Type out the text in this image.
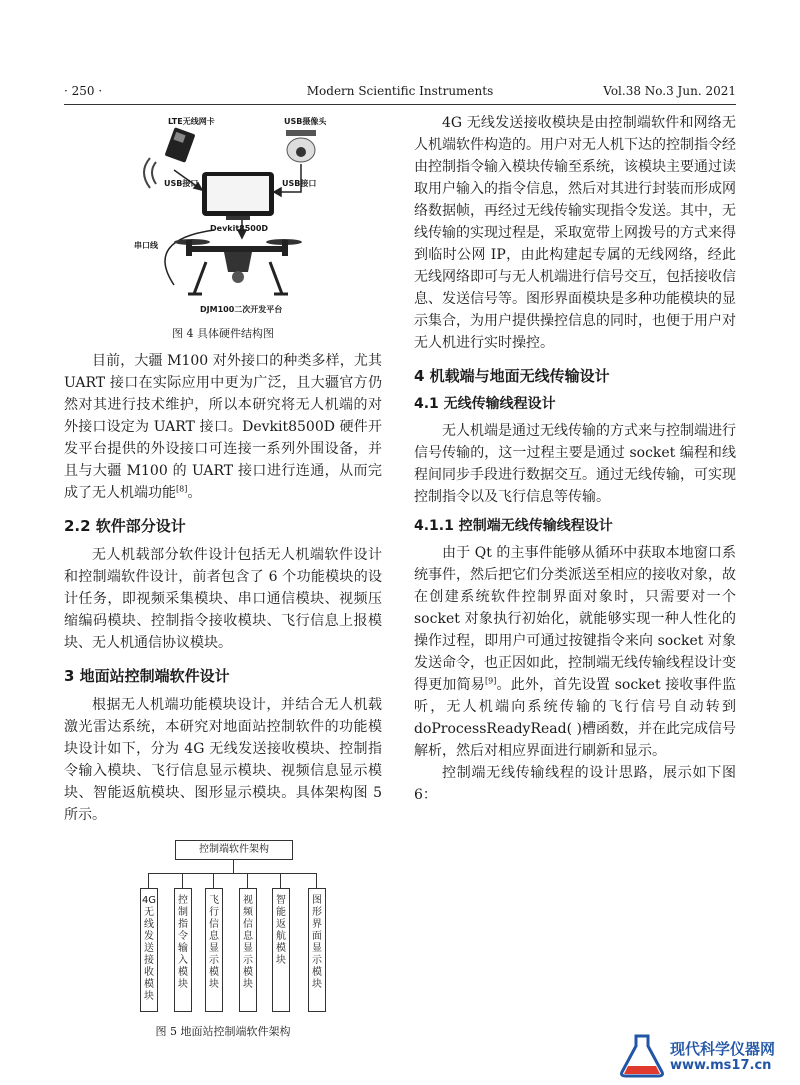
· 250 ·	Modern Scientific Instruments	Vol.38 No.3 Jun. 2021
LTE无线网卡	USB摄像头
USB接口	USB接口
Devkit8500D
串口线
DJM100二次开发平台
图 4 具体硬件结构图

目前，大疆 M100 对外接口的种类多样，尤其 UART 接口在实际应用中更为广泛，且大疆官方仍然对其进行技术维护，所以本研究将无人机端的对外接口设定为 UART 接口。Devkit8500D 硬件开发平台提供的外设接口可连接一系列外围设备，并且与大疆 M100 的 UART 接口进行连通，从而完成了无人机端功能[8]。

2.2 软件部分设计

无人机载部分软件设计包括无人机端软件设计和控制端软件设计，前者包含了 6 个功能模块的设计任务，即视频采集模块、串口通信模块、视频压缩编码模块、控制指令接收模块、飞行信息上报模块、无人机通信协议模块。

3 地面站控制端软件设计

根据无人机端功能模块设计，并结合无人机载激光雷达系统，本研究对地面站控制软件的功能模块设计如下，分为 4G 无线发送接收模块、控制指令输入模块、飞行信息显示模块、视频信息显示模块、智能返航模块、图形显示模块。具体架构图 5 所示。

控制端软件架构
4G无线发送接收模块
控制指令输入模块
飞行信息显示模块
视频信息显示模块
智能返航模块
图形界面显示模块
图 5 地面站控制端软件架构

4G 无线发送接收模块是由控制端软件和网络无人机端软件构造的。用户对无人机下达的控制指令经由控制指令输入模块传输至系统，该模块主要通过读取用户输入的指令信息，然后对其进行封装而形成网络数据帧，再经过无线传输实现指令发送。其中，无线传输的实现过程是，采取宽带上网拨号的方式来得到临时公网 IP，由此构建起专属的无线网络，经此无线网络即可与无人机端进行信号交互，包括接收信息、发送信号等。图形界面模块是多种功能模块的显示集合，为用户提供操控信息的同时，也便于用户对无人机进行实时操控。

4 机载端与地面无线传输设计
4.1 无线传输线程设计

无人机端是通过无线传输的方式来与控制端进行信号传输的，这一过程主要是通过 socket 编程和线程间同步手段进行数据交互。通过无线传输，可实现控制指令以及飞行信息等传输。

4.1.1 控制端无线传输线程设计

由于 Qt 的主事件能够从循环中获取本地窗口系统事件，然后把它们分类派送至相应的接收对象，故在创建系统软件控制界面对象时，只需要对一个 socket 对象执行初始化，就能够实现一种人性化的操作过程，即用户可通过按键指令来向 socket 对象发送命令，也正因如此，控制端无线传输线程设计变得更加简易[9]。此外，首先设置 socket 接收事件监听，无人机端向系统传输的飞行信号自动转到 doProcessReadyRead( )槽函数，并在此完成信号解析，然后对相应界面进行刷新和显示。

控制端无线传输线程的设计思路，展示如下图 6：

现代科学仪器网
www.ms17.cn
